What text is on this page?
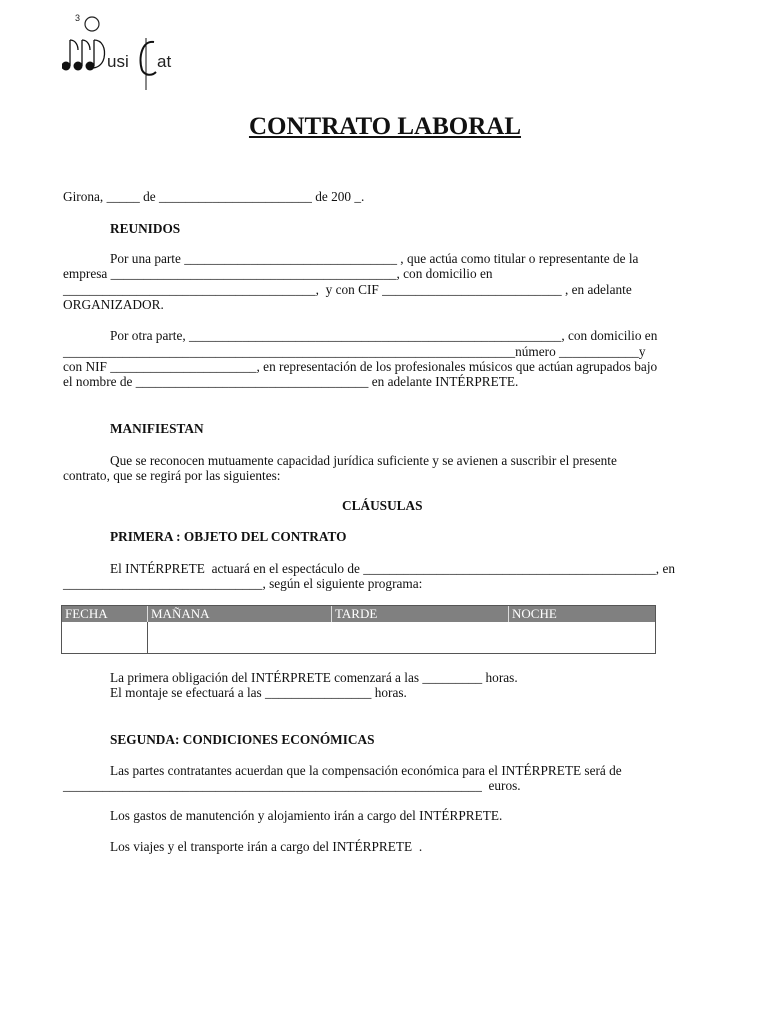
3
usi at
CONTRATO LABORAL
Girona, _____ de _______________________ de 200 _.
REUNIDOS
Por una parte ________________________________ , que actúa como titular o representante de la
empresa ___________________________________________, con domicilio en
______________________________________,  y con CIF ___________________________ , en adelante
ORGANIZADOR.
Por otra parte, ________________________________________________________, con domicilio en
____________________________________________________________________número ____________y
con NIF ______________________, en representación de los profesionales músicos que actúan agrupados bajo
el nombre de ___________________________________ en adelante INTÉRPRETE.
MANIFIESTAN
Que se reconocen mutuamente capacidad jurídica suficiente y se avienen a suscribir el presente
contrato, que se regirá por las siguientes:
CLÁUSULAS
PRIMERA : OBJETO DEL CONTRATO
El INTÉRPRETE  actuará en el espectáculo de ____________________________________________, en
______________________________, según el siguiente programa:
FECHA	MAÑANA	TARDE	NOCHE
La primera obligación del INTÉRPRETE comenzará a las _________ horas.
El montaje se efectuará a las ________________ horas.
SEGUNDA: CONDICIONES ECONÓMICAS
Las partes contratantes acuerdan que la compensación económica para el INTÉRPRETE será de
_______________________________________________________________  euros.
Los gastos de manutención y alojamiento irán a cargo del INTÉRPRETE.
Los viajes y el transporte irán a cargo del INTÉRPRETE  .
